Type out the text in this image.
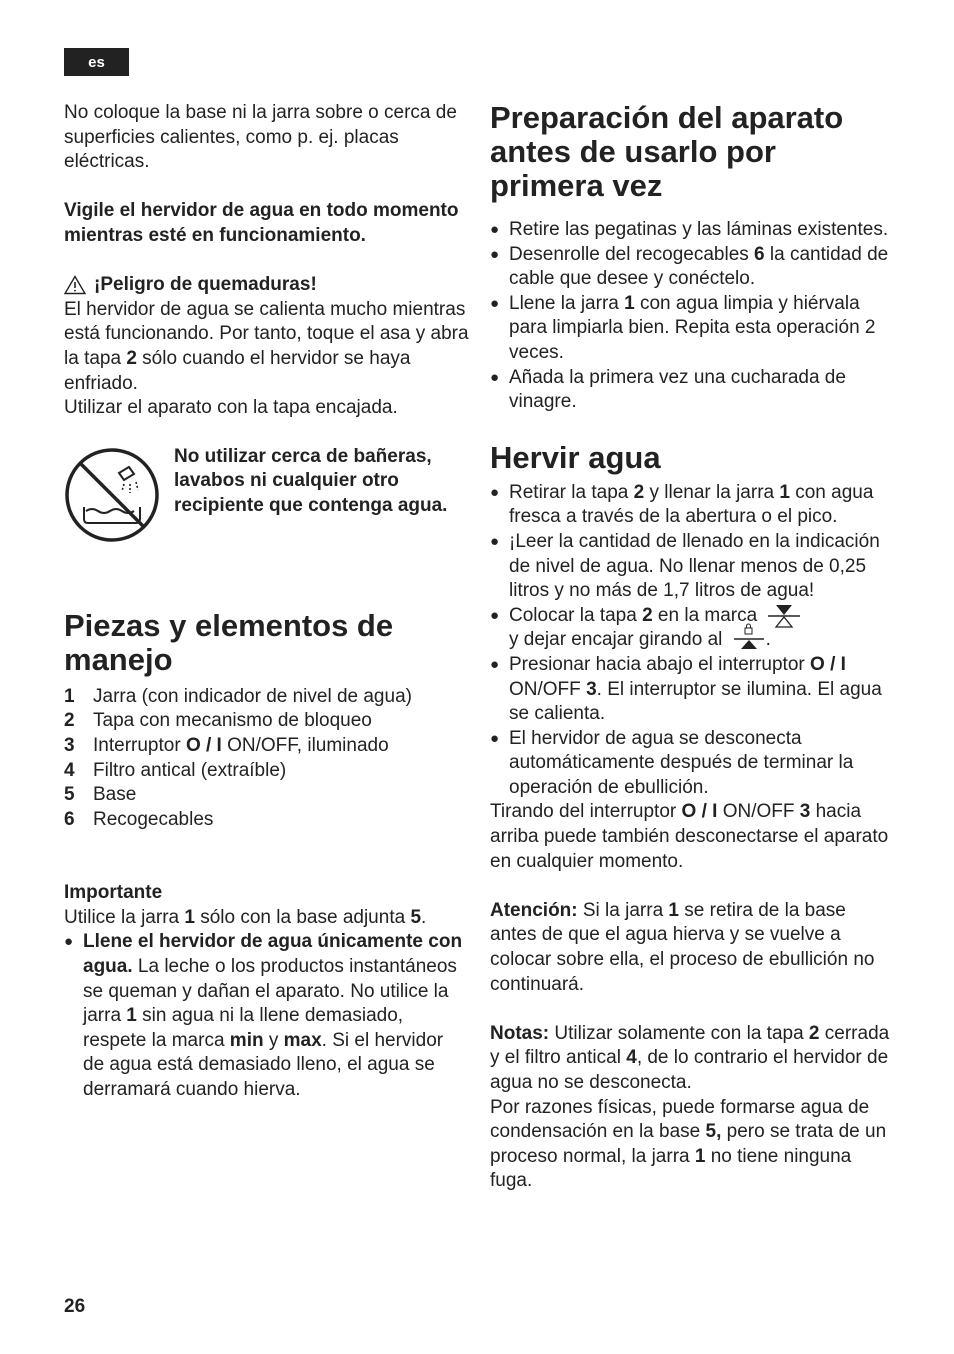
es

No coloque la base ni la jarra sobre o cerca de superficies calientes, como p. ej. placas eléctricas.

Vigile el hervidor de agua en todo momento mientras esté en funcionamiento.

¡Peligro de quemaduras!

El hervidor de agua se calienta mucho mientras está funcionando. Por tanto, toque el asa y abra la tapa 2 sólo cuando el hervidor se haya enfriado.

Utilizar el aparato con la tapa encajada.

No utilizar cerca de bañeras, lavabos ni cualquier otro recipiente que contenga agua.

Piezas y elementos de manejo
1 Jarra (con indicador de nivel de agua)
2 Tapa con mecanismo de bloqueo
3 Interruptor O / I ON/OFF, iluminado
4 Filtro antical (extraíble)
5 Base
6 Recogecables

Importante

Utilice la jarra 1 sólo con la base adjunta 5.

● Llene el hervidor de agua únicamente con agua. La leche o los productos instantáneos se queman y dañan el aparato. No utilice la jarra 1 sin agua ni la llene demasiado, respete la marca min y max. Si el hervidor de agua está demasiado lleno, el agua se derramará cuando hierva.
Preparación del aparato antes de usarlo por primera vez
● Retire las pegatinas y las láminas existentes.
● Desenrolle del recogecables 6 la cantidad de cable que desee y conéctelo.
● Llene la jarra 1 con agua limpia y hiérvala para limpiarla bien. Repita esta operación 2 veces.
● Añada la primera vez una cucharada de vinagre.
Hervir agua
● Retirar la tapa 2 y llenar la jarra 1 con agua fresca a través de la abertura o el pico.
● ¡Leer la cantidad de llenado en la indicación de nivel de agua. No llenar menos de 0,25 litros y no más de 1,7 litros de agua!
● Colocar la tapa 2 en la marca
y dejar encajar girando al .
● Presionar hacia abajo el interruptor O / I ON/OFF 3. El interruptor se ilumina. El agua se calienta.
● El hervidor de agua se desconecta automáticamente después de terminar la operación de ebullición.

Tirando del interruptor O / I ON/OFF 3 hacia arriba puede también desconectarse el aparato en cualquier momento.

Atención: Si la jarra 1 se retira de la base antes de que el agua hierva y se vuelve a colocar sobre ella, el proceso de ebullición no continuará.

Notas: Utilizar solamente con la tapa 2 cerrada y el filtro antical 4, de lo contrario el hervidor de agua no se desconecta.

Por razones físicas, puede formarse agua de condensación en la base 5, pero se trata de un proceso normal, la jarra 1 no tiene ninguna fuga.

26
